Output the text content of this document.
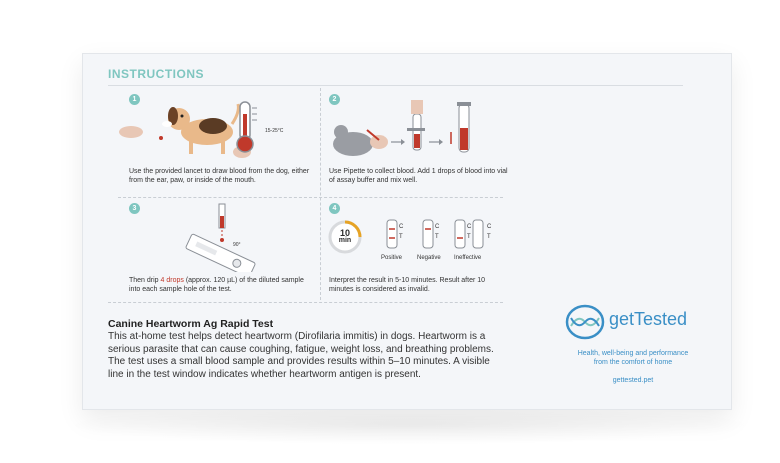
INSTRUCTIONS
1
15-25°C
Use the provided lancet to draw blood from the dog, either from the ear, paw, or inside of the mouth.
2
Use Pipette to collect blood. Add 1 drops of blood into vial of assay buffer and mix well.
3
90°
Then drip 4 drops (approx. 120 µL) of the diluted sample into each sample hole of the test.
4
10
min
C
T
C
T
C
T
C
T
Positive Negative Ineffective
Interpret the result in 5-10 minutes. Result after 10 minutes is considered as invalid.
Canine Heartworm Ag Rapid Test
This at-home test helps detect heartworm (Dirofilaria immitis) in dogs. Heartworm is a serious parasite that can cause coughing, fatigue, weight loss, and breathing problems. The test uses a small blood sample and provides results within 5–10 minutes. A visible line in the test window indicates whether heartworm antigen is present.
getTested
Health, well-being and performance
from the comfort of home
gettested.pet
